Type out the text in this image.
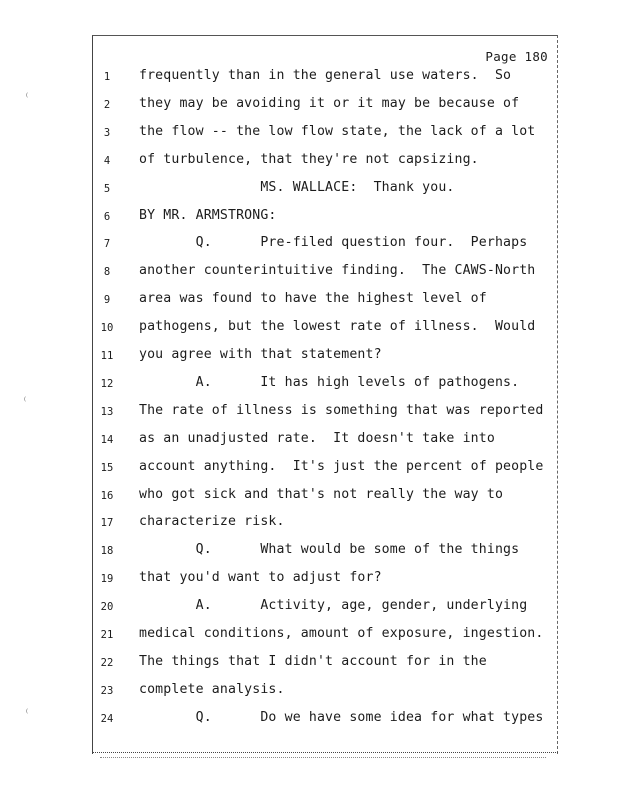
⁽
⁽
⁽
Page 180
1	frequently than in the general use waters.  So
2	they may be avoiding it or it may be because of
3	the flow -- the low flow state, the lack of a lot
4	of turbulence, that they're not capsizing.
5	MS. WALLACE:  Thank you.
6	BY MR. ARMSTRONG:
7	Q.      Pre-filed question four.  Perhaps
8	another counterintuitive finding.  The CAWS-North
9	area was found to have the highest level of
10	pathogens, but the lowest rate of illness.  Would
11	you agree with that statement?
12	A.      It has high levels of pathogens.
13	The rate of illness is something that was reported
14	as an unadjusted rate.  It doesn't take into
15	account anything.  It's just the percent of people
16	who got sick and that's not really the way to
17	characterize risk.
18	Q.      What would be some of the things
19	that you'd want to adjust for?
20	A.      Activity, age, gender, underlying
21	medical conditions, amount of exposure, ingestion.
22	The things that I didn't account for in the
23	complete analysis.
24	Q.      Do we have some idea for what types
